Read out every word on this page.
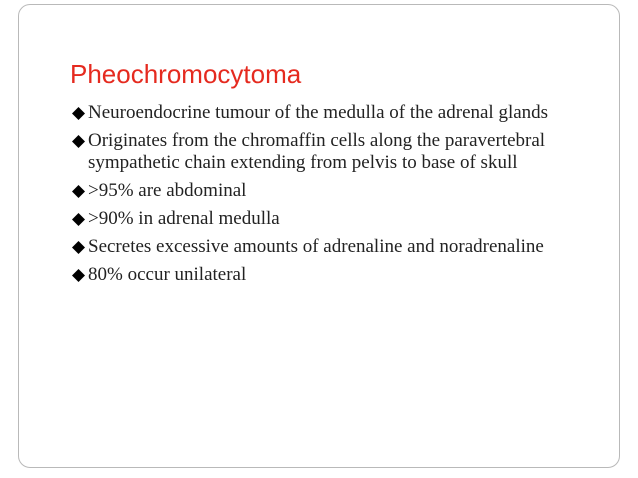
Pheochromocytoma
Neuroendocrine tumour of the medulla of the adrenal glands
Originates from the chromaffin cells along the paravertebral sympathetic chain extending from pelvis to base of skull
>95% are abdominal
>90% in adrenal medulla
Secretes excessive amounts of adrenaline and noradrenaline
80% occur unilateral
